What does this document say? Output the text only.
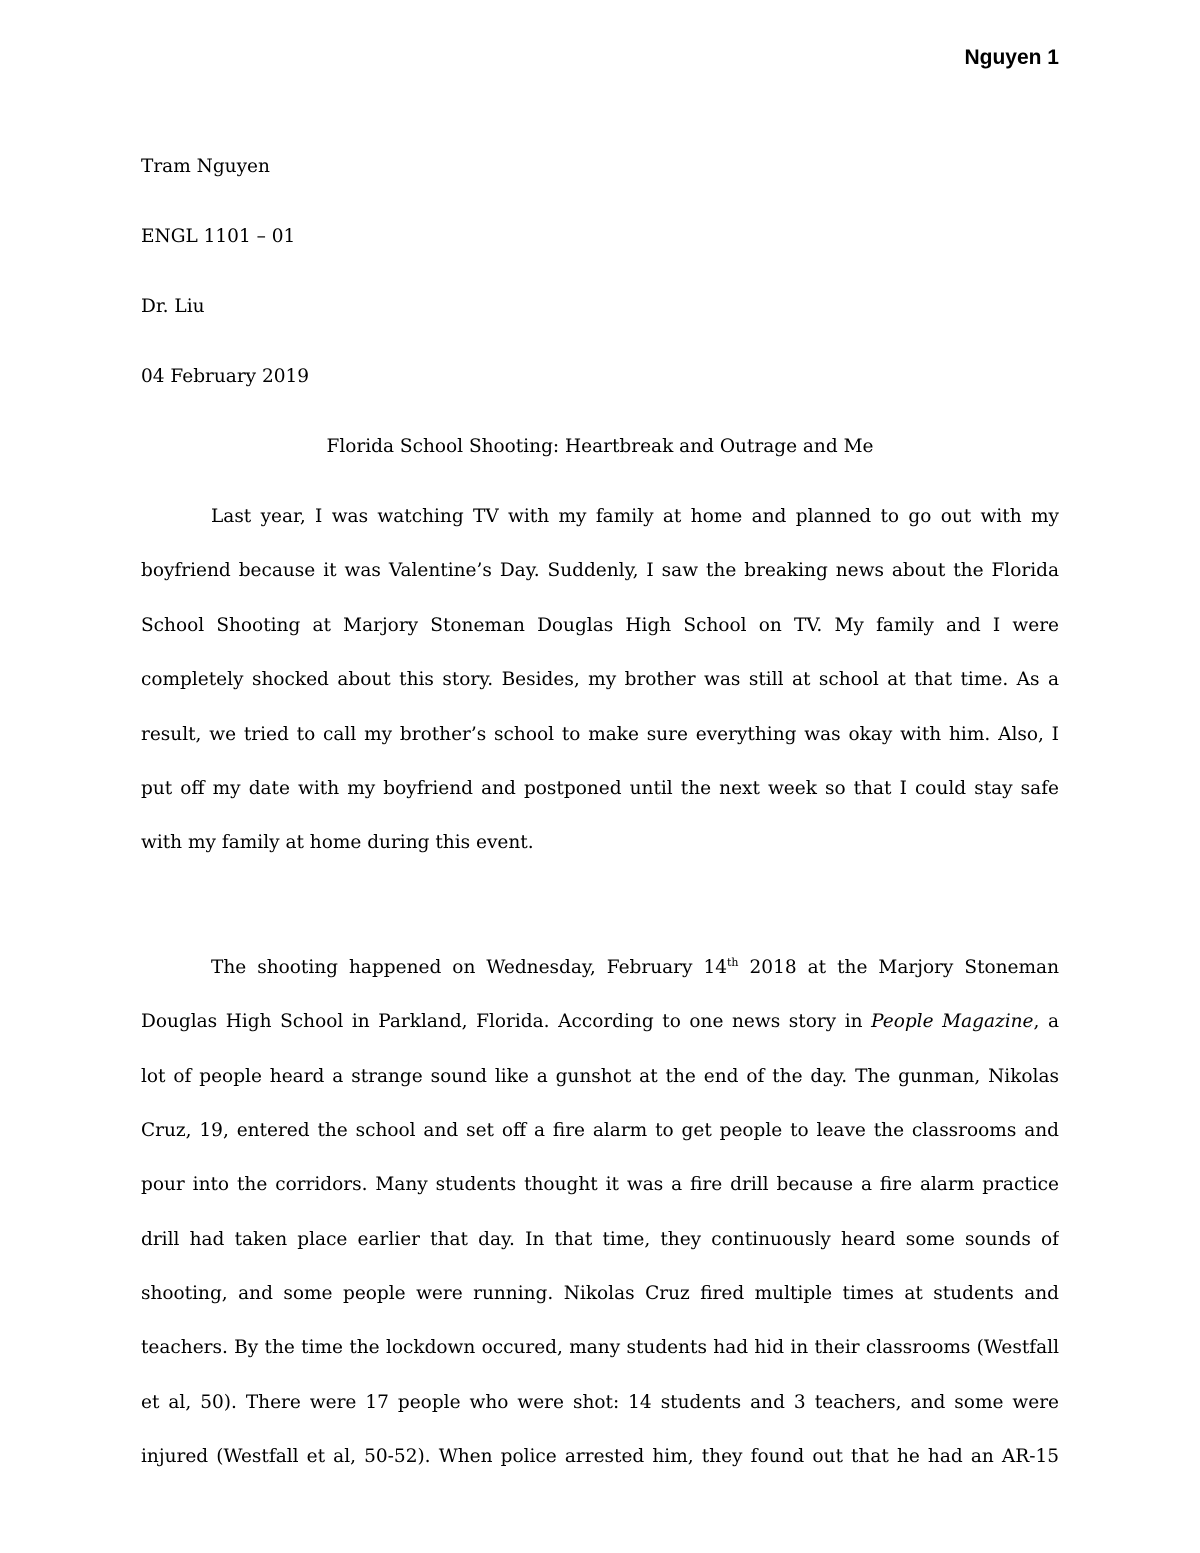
Nguyen 1
Tram Nguyen
ENGL 1101 – 01
Dr. Liu
04 February 2019
Florida School Shooting: Heartbreak and Outrage and Me
Last year, I was watching TV with my family at home and planned to go out with my
boyfriend because it was Valentine’s Day. Suddenly, I saw the breaking news about the Florida
School Shooting at Marjory Stoneman Douglas High School on TV. My family and I were
completely shocked about this story. Besides, my brother was still at school at that time. As a
result, we tried to call my brother’s school to make sure everything was okay with him. Also, I
put off my date with my boyfriend and postponed until the next week so that I could stay safe
with my family at home during this event.
The shooting happened on Wednesday, February 14th 2018 at the Marjory Stoneman
Douglas High School in Parkland, Florida. According to one news story in People Magazine, a
lot of people heard a strange sound like a gunshot at the end of the day. The gunman, Nikolas
Cruz, 19, entered the school and set off a fire alarm to get people to leave the classrooms and
pour into the corridors. Many students thought it was a fire drill because a fire alarm practice
drill had taken place earlier that day. In that time, they continuously heard some sounds of
shooting, and some people were running. Nikolas Cruz fired multiple times at students and
teachers. By the time the lockdown occured, many students had hid in their classrooms (Westfall
et al, 50). There were 17 people who were shot: 14 students and 3 teachers, and some were
injured (Westfall et al, 50-52). When police arrested him, they found out that he had an AR-15
